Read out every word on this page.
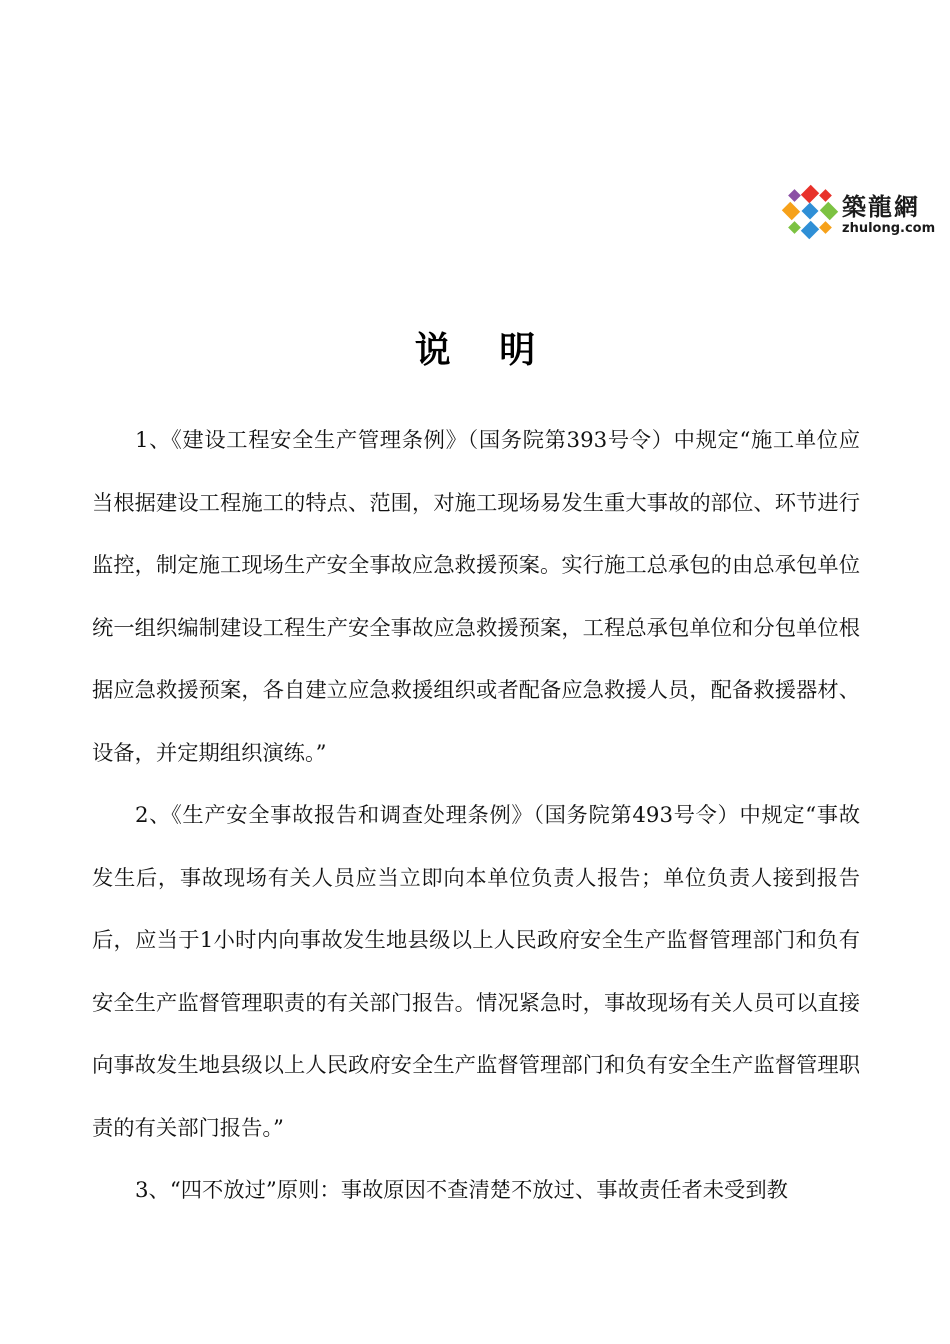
築龍網
zhulong.com
说 明

1、《建设工程安全生产管理条例》（国务院第393号令）中规定“施工单位应当根据建设工程施工的特点、范围，对施工现场易发生重大事故的部位、环节进行监控，制定施工现场生产安全事故应急救援预案。实行施工总承包的由总承包单位统一组织编制建设工程生产安全事故应急救援预案，工程总承包单位和分包单位根据应急救援预案，各自建立应急救援组织或者配备应急救援人员，配备救援器材、设备，并定期组织演练。”

2、《生产安全事故报告和调查处理条例》（国务院第493号令）中规定“事故发生后，事故现场有关人员应当立即向本单位负责人报告；单位负责人接到报告后，应当于1小时内向事故发生地县级以上人民政府安全生产监督管理部门和负有安全生产监督管理职责的有关部门报告。情况紧急时，事故现场有关人员可以直接向事故发生地县级以上人民政府安全生产监督管理部门和负有安全生产监督管理职责的有关部门报告。”

3、“四不放过”原则：事故原因不查清楚不放过、事故责任者未受到教
